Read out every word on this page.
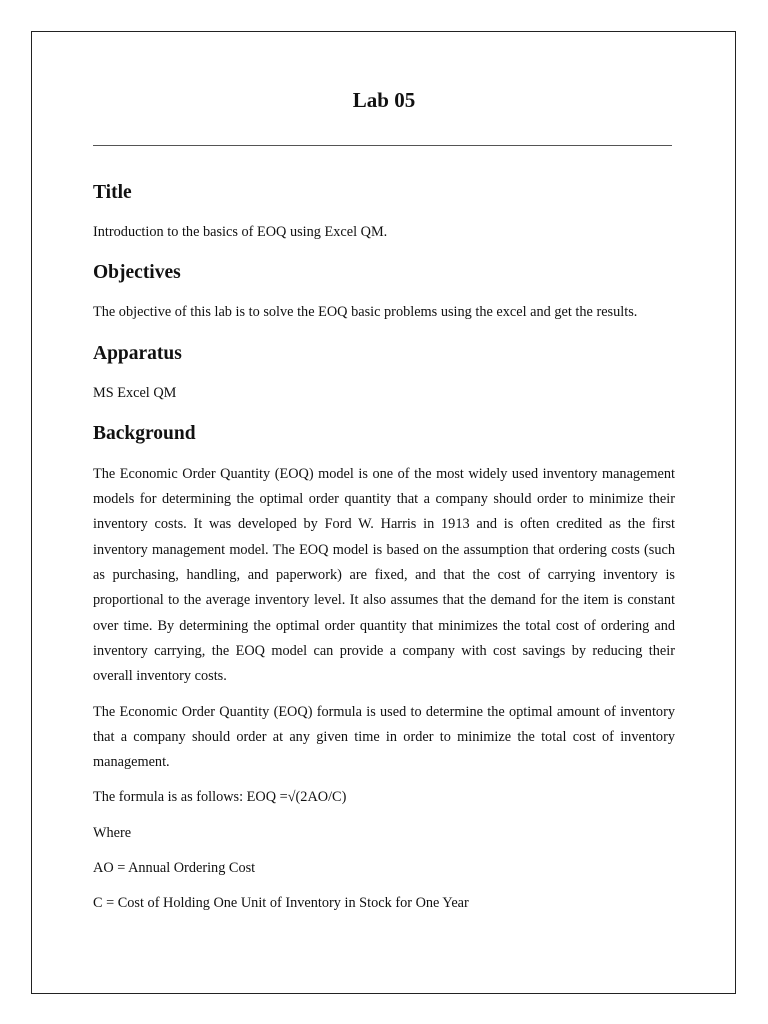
Lab 05
Title

Introduction to the basics of EOQ using Excel QM.

Objectives

The objective of this lab is to solve the EOQ basic problems using the excel and get the results.

Apparatus

MS Excel QM

Background

The Economic Order Quantity (EOQ) model is one of the most widely used inventory management models for determining the optimal order quantity that a company should order to minimize their inventory costs. It was developed by Ford W. Harris in 1913 and is often credited as the first inventory management model. The EOQ model is based on the assumption that ordering costs (such as purchasing, handling, and paperwork) are fixed, and that the cost of carrying inventory is proportional to the average inventory level. It also assumes that the demand for the item is constant over time. By determining the optimal order quantity that minimizes the total cost of ordering and inventory carrying, the EOQ model can provide a company with cost savings by reducing their overall inventory costs.

The Economic Order Quantity (EOQ) formula is used to determine the optimal amount of inventory that a company should order at any given time in order to minimize the total cost of inventory management.

The formula is as follows: EOQ =√(2AO/C)

Where

AO = Annual Ordering Cost

C = Cost of Holding One Unit of Inventory in Stock for One Year
